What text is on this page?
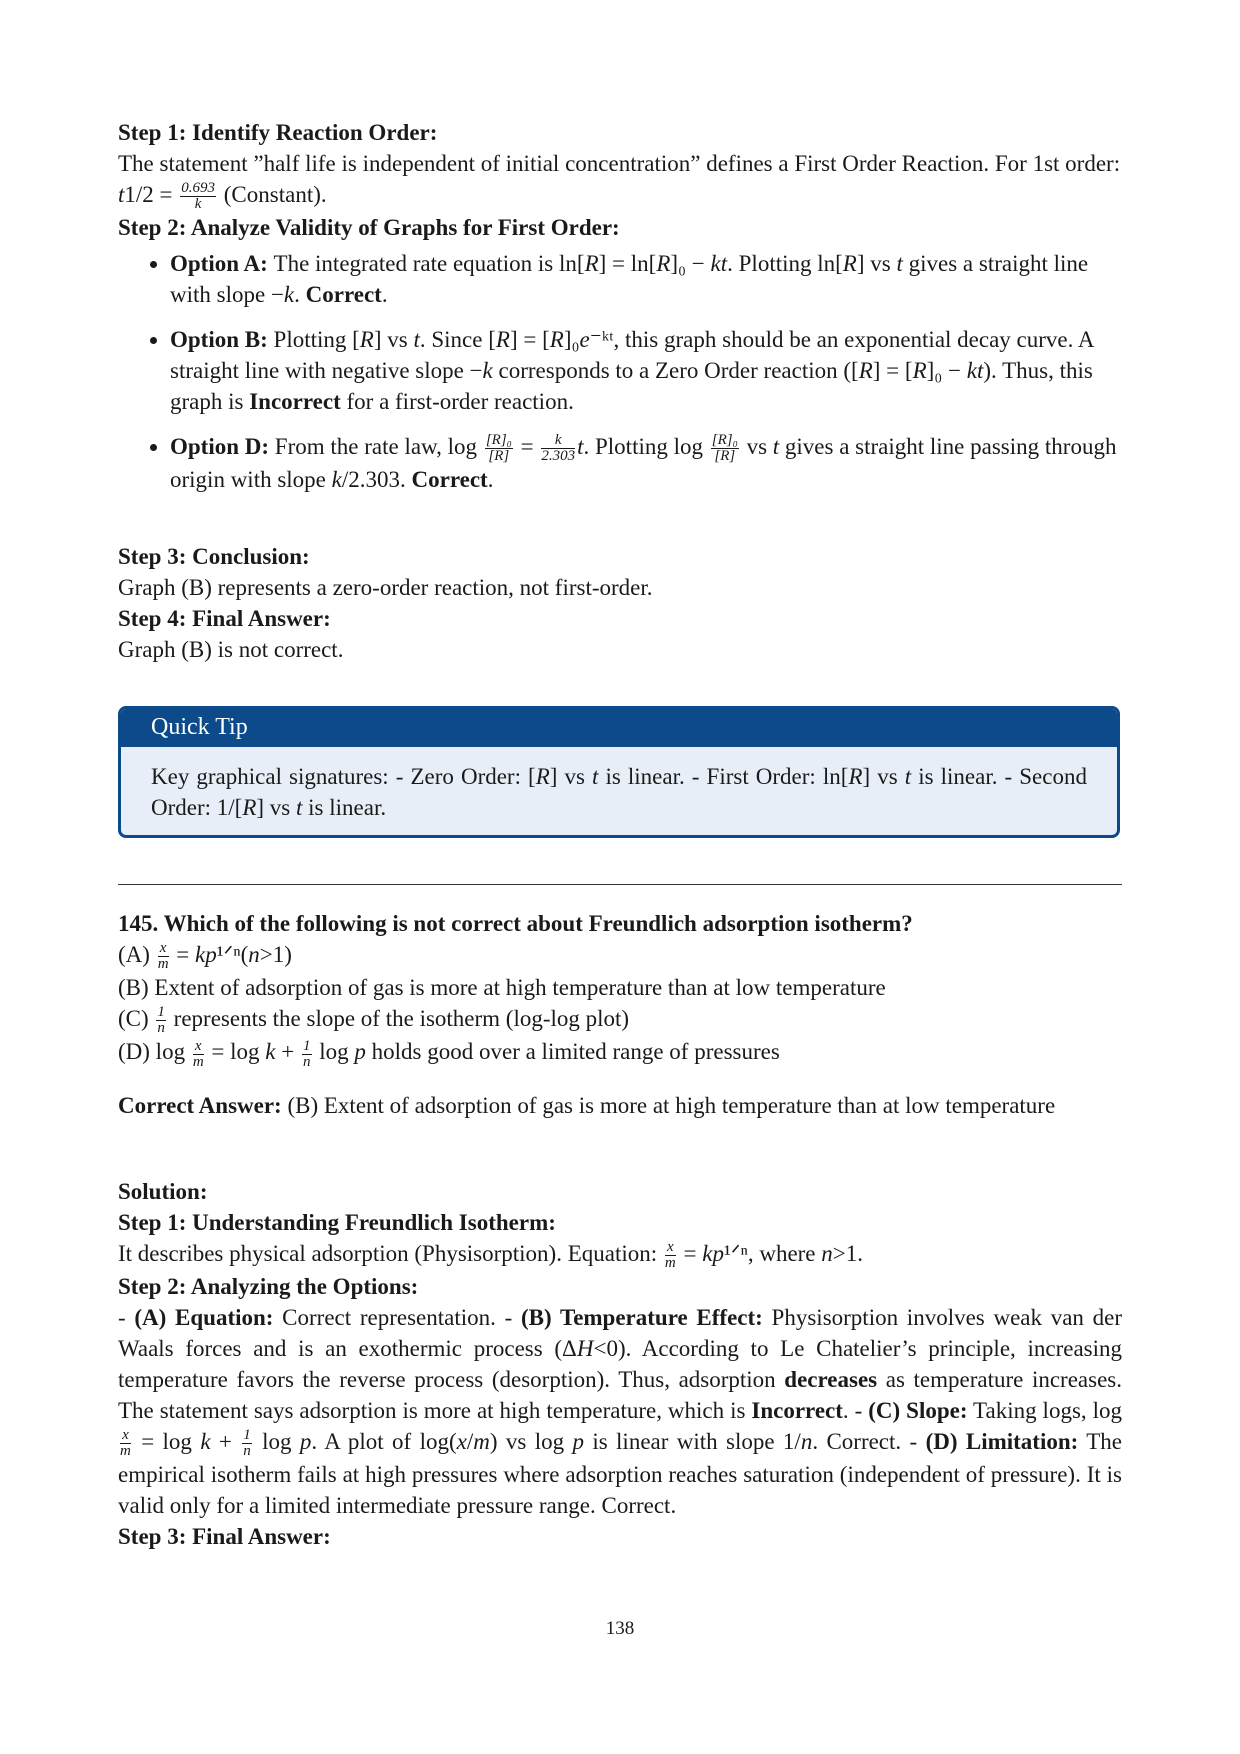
Step 1: Identify Reaction Order:

The statement ”half life is independent of initial concentration” defines a First Order Reaction. For 1st order: $t1/2 = \frac{0.693}{k}$ (Constant).

Step 2: Analyze Validity of Graphs for First Order:

• Option A: The integrated rate equation is ln[R] = ln[R]₀ − kt. Plotting ln[R] vs t gives a straight line with slope −k. Correct.
• Option B: Plotting [R] vs t. Since [R] = [R]₀e⁻ᵏᵗ, this graph should be an exponential decay curve. A straight line with negative slope −k corresponds to a Zero Order reaction ([R] = [R]₀ − kt). Thus, this graph is Incorrect for a first-order reaction.
• Option D: From the rate law, $\log \frac{\text{[R]₀}}{[R]} = \frac{k}{2.303} t$. Plotting $\log \frac{\text{[R]₀}}{[R]}$ vs t gives a straight line passing through origin with slope k/2.303. Correct.

Step 3: Conclusion:

Graph (B) represents a zero-order reaction, not first-order.

Step 4: Final Answer:

Graph (B) is not correct.

Quick Tip
Key graphical signatures: - Zero Order: [R] vs t is linear. - First Order: ln[R] vs t is linear. - Second Order: 1/[R] vs t is linear.

145. Which of the following is not correct about Freundlich adsorption isotherm?

$(A) \frac{x}{m}$ = kp¹ᐟⁿ(n>1)

(B) Extent of adsorption of gas is more at high temperature than at low temperature

$(C) \frac{1}{n}$ represents the slope of the isotherm (log-log plot)

(D) $\log \frac{x}{m} = \log k + \frac{1}{n}$ log p holds good over a limited range of pressures

Correct Answer: (B) Extent of adsorption of gas is more at high temperature than at low temperature

Solution:

Step 1: Understanding Freundlich Isotherm:

It describes physical adsorption (Physisorption). Equation: $\frac{x}{m}$ = kp¹ᐟⁿ, where n>1.

Step 2: Analyzing the Options:

- (A) Equation: Correct representation. - (B) Temperature Effect: Physisorption involves weak van der Waals forces and is an exothermic process (ΔH<0). According to Le Chatelier’s principle, increasing temperature favors the reverse process (desorption). Thus, adsorption decreases as temperature increases. The statement says adsorption is more at high temperature, which is Incorrect. - (C) Slope: Taking logs, log
$\frac{x}{m} = \log k + \frac{1}{n}$ log p. A plot of log(x/m) vs log p is linear with slope 1/n. Correct. - (D) Limitation: The empirical isotherm fails at high pressures where adsorption reaches saturation (independent of pressure). It is valid only for a limited intermediate pressure range. Correct.

Step 3: Final Answer:

138
